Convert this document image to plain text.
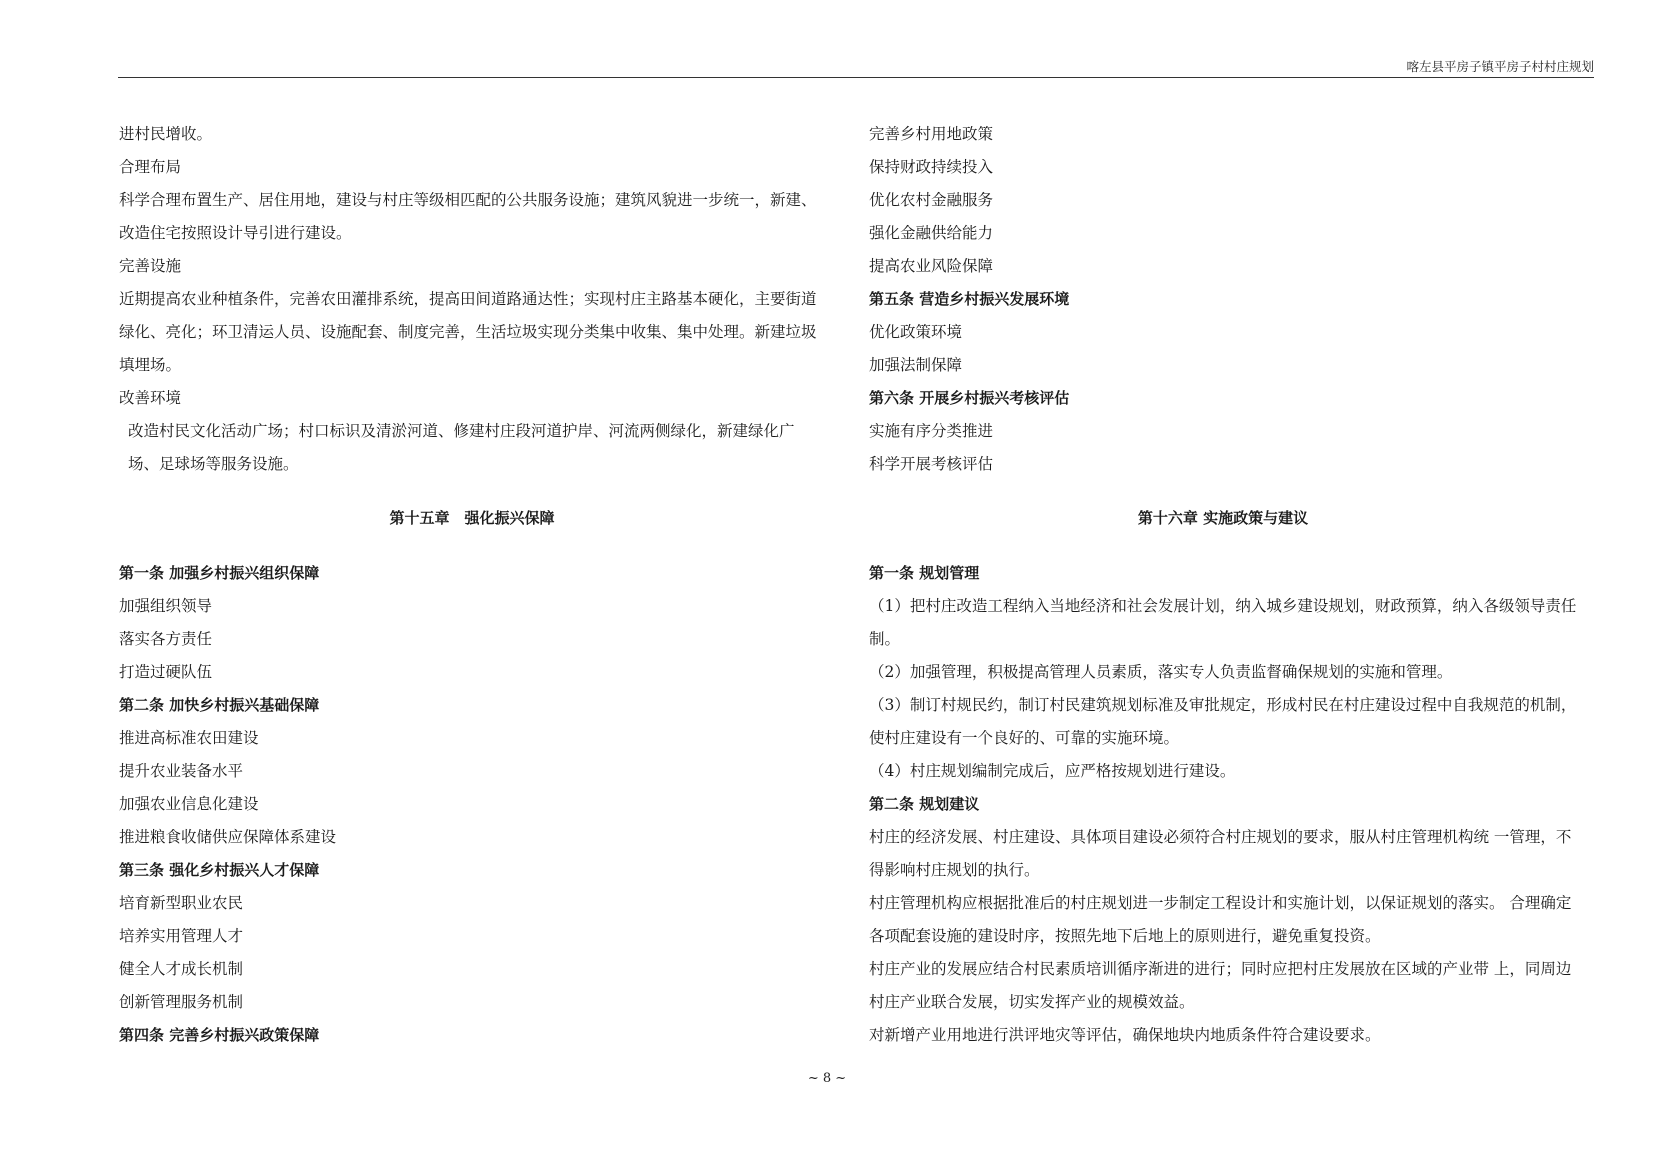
喀左县平房子镇平房子村村庄规划

进村民增收。

合理布局

科学合理布置生产、居住用地，建设与村庄等级相匹配的公共服务设施；建筑风貌进一步统一，新建、改造住宅按照设计导引进行建设。

完善设施

近期提高农业种植条件，完善农田灌排系统，提高田间道路通达性；实现村庄主路基本硬化，主要街道绿化、亮化；环卫清运人员、设施配套、制度完善，生活垃圾实现分类集中收集、集中处理。新建垃圾填埋场。

改善环境

改造村民文化活动广场；村口标识及清淤河道、修建村庄段河道护岸、河流两侧绿化，新建绿化广场、足球场等服务设施。

第十五章　强化振兴保障

第一条 加强乡村振兴组织保障

加强组织领导

落实各方责任

打造过硬队伍

第二条 加快乡村振兴基础保障

推进高标准农田建设

提升农业装备水平

加强农业信息化建设

推进粮食收储供应保障体系建设

第三条 强化乡村振兴人才保障

培育新型职业农民

培养实用管理人才

健全人才成长机制

创新管理服务机制

第四条 完善乡村振兴政策保障

完善乡村用地政策

保持财政持续投入

优化农村金融服务

强化金融供给能力

提高农业风险保障

第五条 营造乡村振兴发展环境

优化政策环境

加强法制保障

第六条 开展乡村振兴考核评估

实施有序分类推进

科学开展考核评估

第十六章 实施政策与建议

第一条 规划管理

（1）把村庄改造工程纳入当地经济和社会发展计划，纳入城乡建设规划，财政预算，纳入各级领导责任制。

（2）加强管理，积极提高管理人员素质，落实专人负责监督确保规划的实施和管理。

（3）制订村规民约，制订村民建筑规划标准及审批规定，形成村民在村庄建设过程中自我规范的机制，使村庄建设有一个良好的、可靠的实施环境。

（4）村庄规划编制完成后，应严格按规划进行建设。

第二条 规划建议

村庄的经济发展、村庄建设、具体项目建设必须符合村庄规划的要求，服从村庄管理机构统 一管理，不得影响村庄规划的执行。

村庄管理机构应根据批准后的村庄规划进一步制定工程设计和实施计划，以保证规划的落实。 合理确定各项配套设施的建设时序，按照先地下后地上的原则进行，避免重复投资。

村庄产业的发展应结合村民素质培训循序渐进的进行；同时应把村庄发展放在区域的产业带 上，同周边村庄产业联合发展，切实发挥产业的规模效益。

对新增产业用地进行洪评地灾等评估，确保地块内地质条件符合建设要求。

~ 8 ~
